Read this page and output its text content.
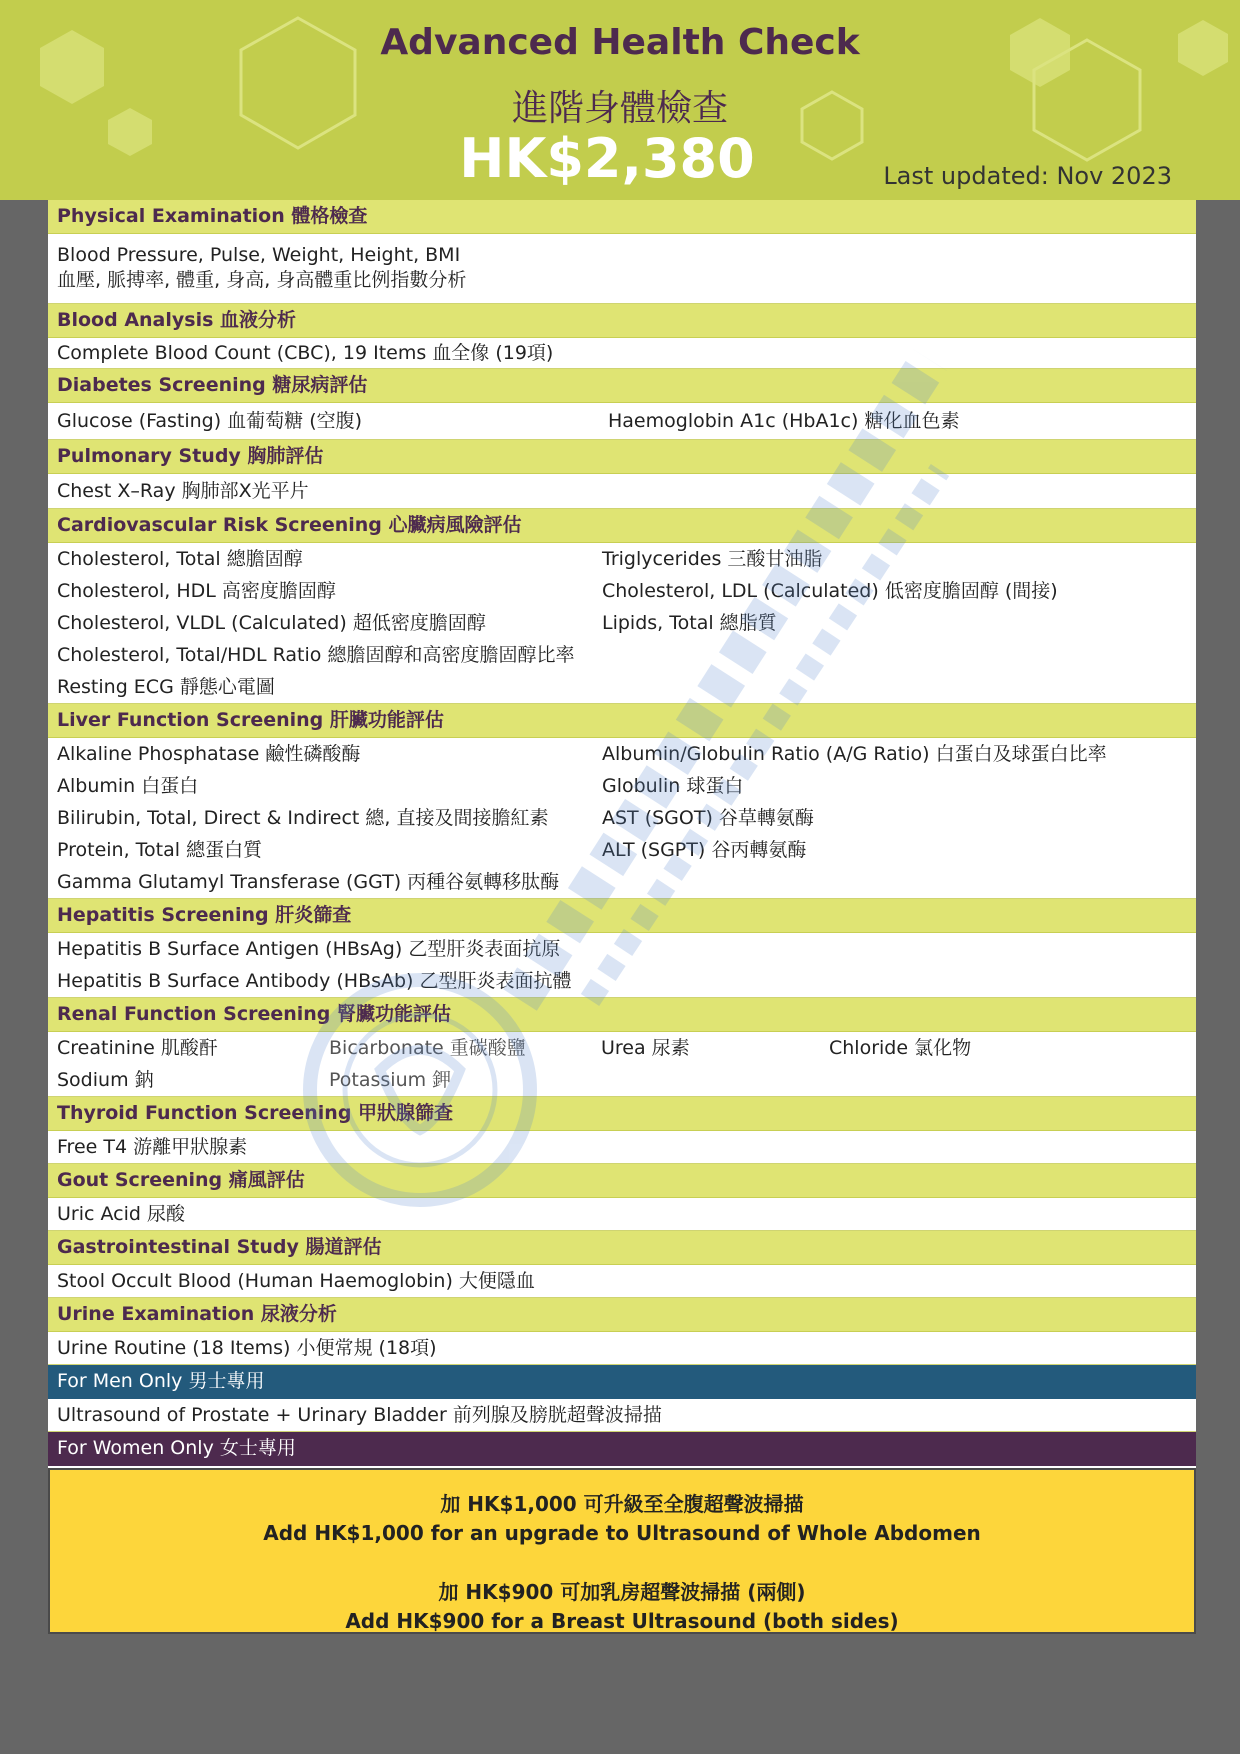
Advanced Health Check
進階身體檢查
HK$2,380	Last updated: Nov 2023
Physical Examination 體格檢查
Blood Pressure, Pulse, Weight, Height, BMI
血壓, 脈搏率, 體重, 身高, 身高體重比例指數分析
Blood Analysis 血液分析
Complete Blood Count (CBC), 19 Items 血全像 (19項)
Diabetes Screening 糖尿病評估
Glucose (Fasting) 血葡萄糖 (空腹)	Haemoglobin A1c (HbA1c) 糖化血色素
Pulmonary Study 胸肺評估
Chest X–Ray 胸肺部X光平片
Cardiovascular Risk Screening 心臟病風險評估
Cholesterol, Total 總膽固醇	Triglycerides 三酸甘油脂
Cholesterol, HDL 高密度膽固醇	Cholesterol, LDL (Calculated) 低密度膽固醇 (間接)
Cholesterol, VLDL (Calculated) 超低密度膽固醇	Lipids, Total 總脂質
Cholesterol, Total/HDL Ratio 總膽固醇和高密度膽固醇比率
Resting ECG 靜態心電圖
Liver Function Screening 肝臟功能評估
Alkaline Phosphatase 鹼性磷酸酶	Albumin/Globulin Ratio (A/G Ratio) 白蛋白及球蛋白比率
Albumin 白蛋白	Globulin 球蛋白
Bilirubin, Total, Direct & Indirect 總, 直接及間接膽紅素	AST (SGOT) 谷草轉氨酶
Protein, Total 總蛋白質	ALT (SGPT) 谷丙轉氨酶
Gamma Glutamyl Transferase (GGT) 丙種谷氨轉移肽酶
Hepatitis Screening 肝炎篩查
Hepatitis B Surface Antigen (HBsAg) 乙型肝炎表面抗原
Hepatitis B Surface Antibody (HBsAb) 乙型肝炎表面抗體
Renal Function Screening 腎臟功能評估
Creatinine 肌酸酐	Bicarbonate 重碳酸鹽	Urea 尿素	Chloride 氯化物
Sodium 鈉	Potassium 鉀
Thyroid Function Screening 甲狀腺篩查
Free T4 游離甲狀腺素
Gout Screening 痛風評估
Uric Acid 尿酸
Gastrointestinal Study 腸道評估
Stool Occult Blood (Human Haemoglobin) 大便隱血
Urine Examination 尿液分析
Urine Routine (18 Items) 小便常規 (18項)
For Men Only 男士專用
Ultrasound of Prostate + Urinary Bladder 前列腺及膀胱超聲波掃描
For Women Only 女士專用
加 HK$1,000 可升級至全腹超聲波掃描
Add HK$1,000 for an upgrade to Ultrasound of Whole Abdomen
加 HK$900 可加乳房超聲波掃描 (兩側)
Add HK$900 for a Breast Ultrasound (both sides)
